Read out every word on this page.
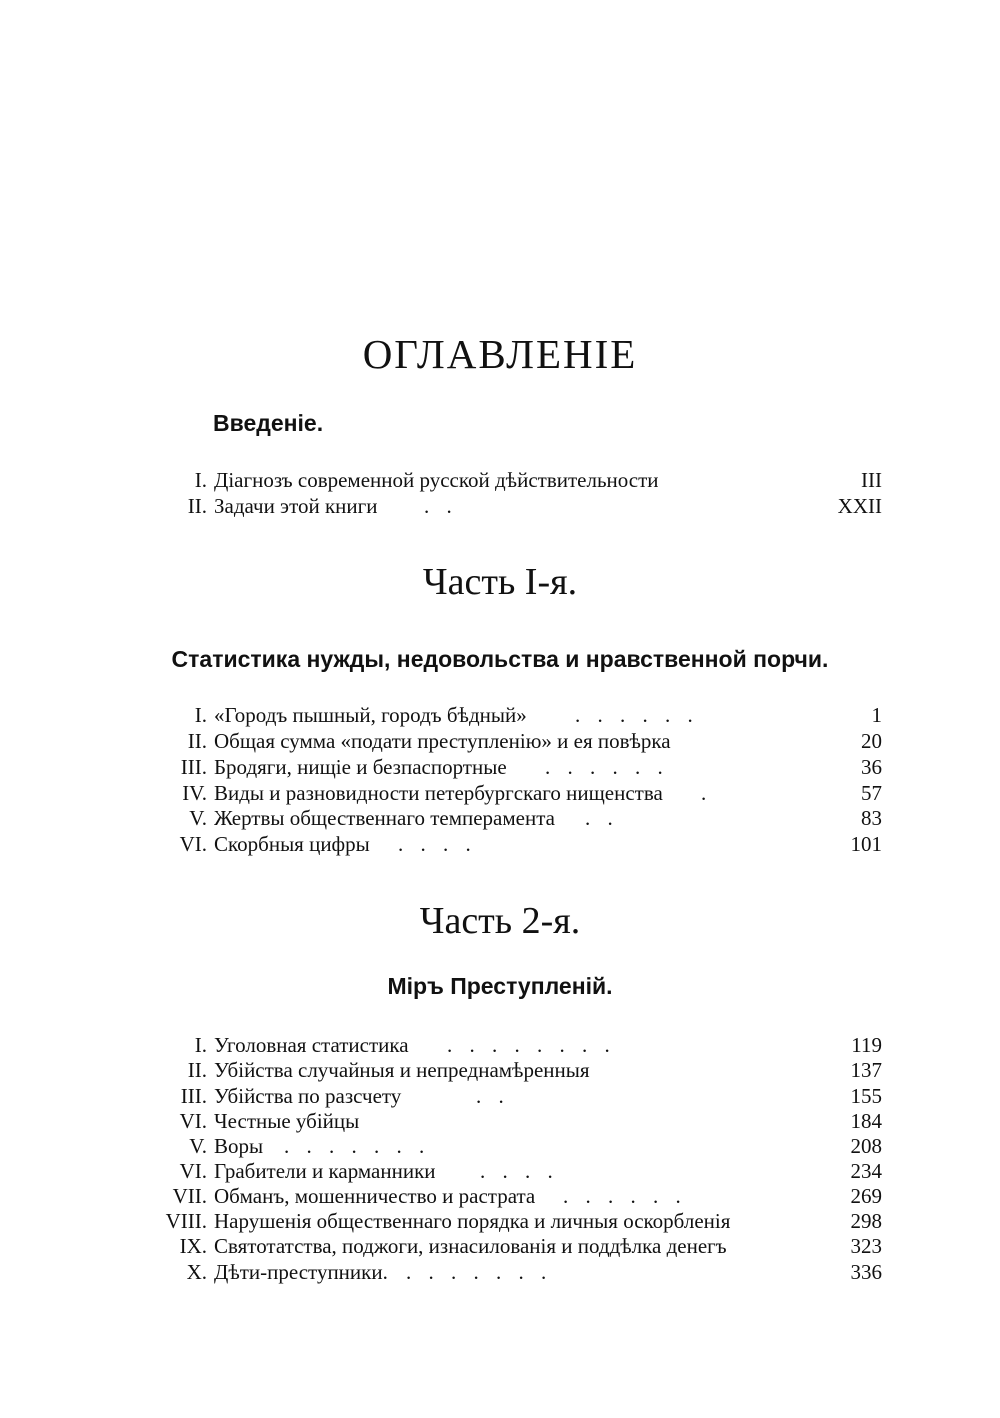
ОГЛАВЛЕНІЕ
Введеніе.
I. Діагнозъ современной русской дѣйствительности	III
II. Задачи этой книги . .	XXII
Часть I-я.
Статистика нужды, недовольства и нравственной порчи.
I. «Городъ пышный, городъ бѣдный» . . . . . .	1
II. Общая сумма «подати преступленію» и ея повѣрка	20
III. Бродяги, нищіе и безпаспортные . . . . . .	36
IV. Виды и разновидности петербургскаго нищенства .	57
V. Жертвы общественнаго темперамента . .	83
VI. Скорбныя цифры . . . .	101
Часть 2-я.
Міръ Преступленій.
I. Уголовная статистика . . . . . . . .	119
II. Убійства случайныя и непреднамѣренныя	137
III. Убійства по разсчету	. .	155
VI. Честные убійцы	184
V. Воры . . . . . . .	208
VI. Грабители и карманники . . . .	234
VII. Обманъ, мошенничество и растрата . . . . . .	269
VIII. Нарушенія общественнаго порядка и личныя оскорбленія	298
IX. Святотатства, поджоги, изнасилованія и поддѣлка денегъ	323
X. Дѣти-преступники. . . . . . . .	336
